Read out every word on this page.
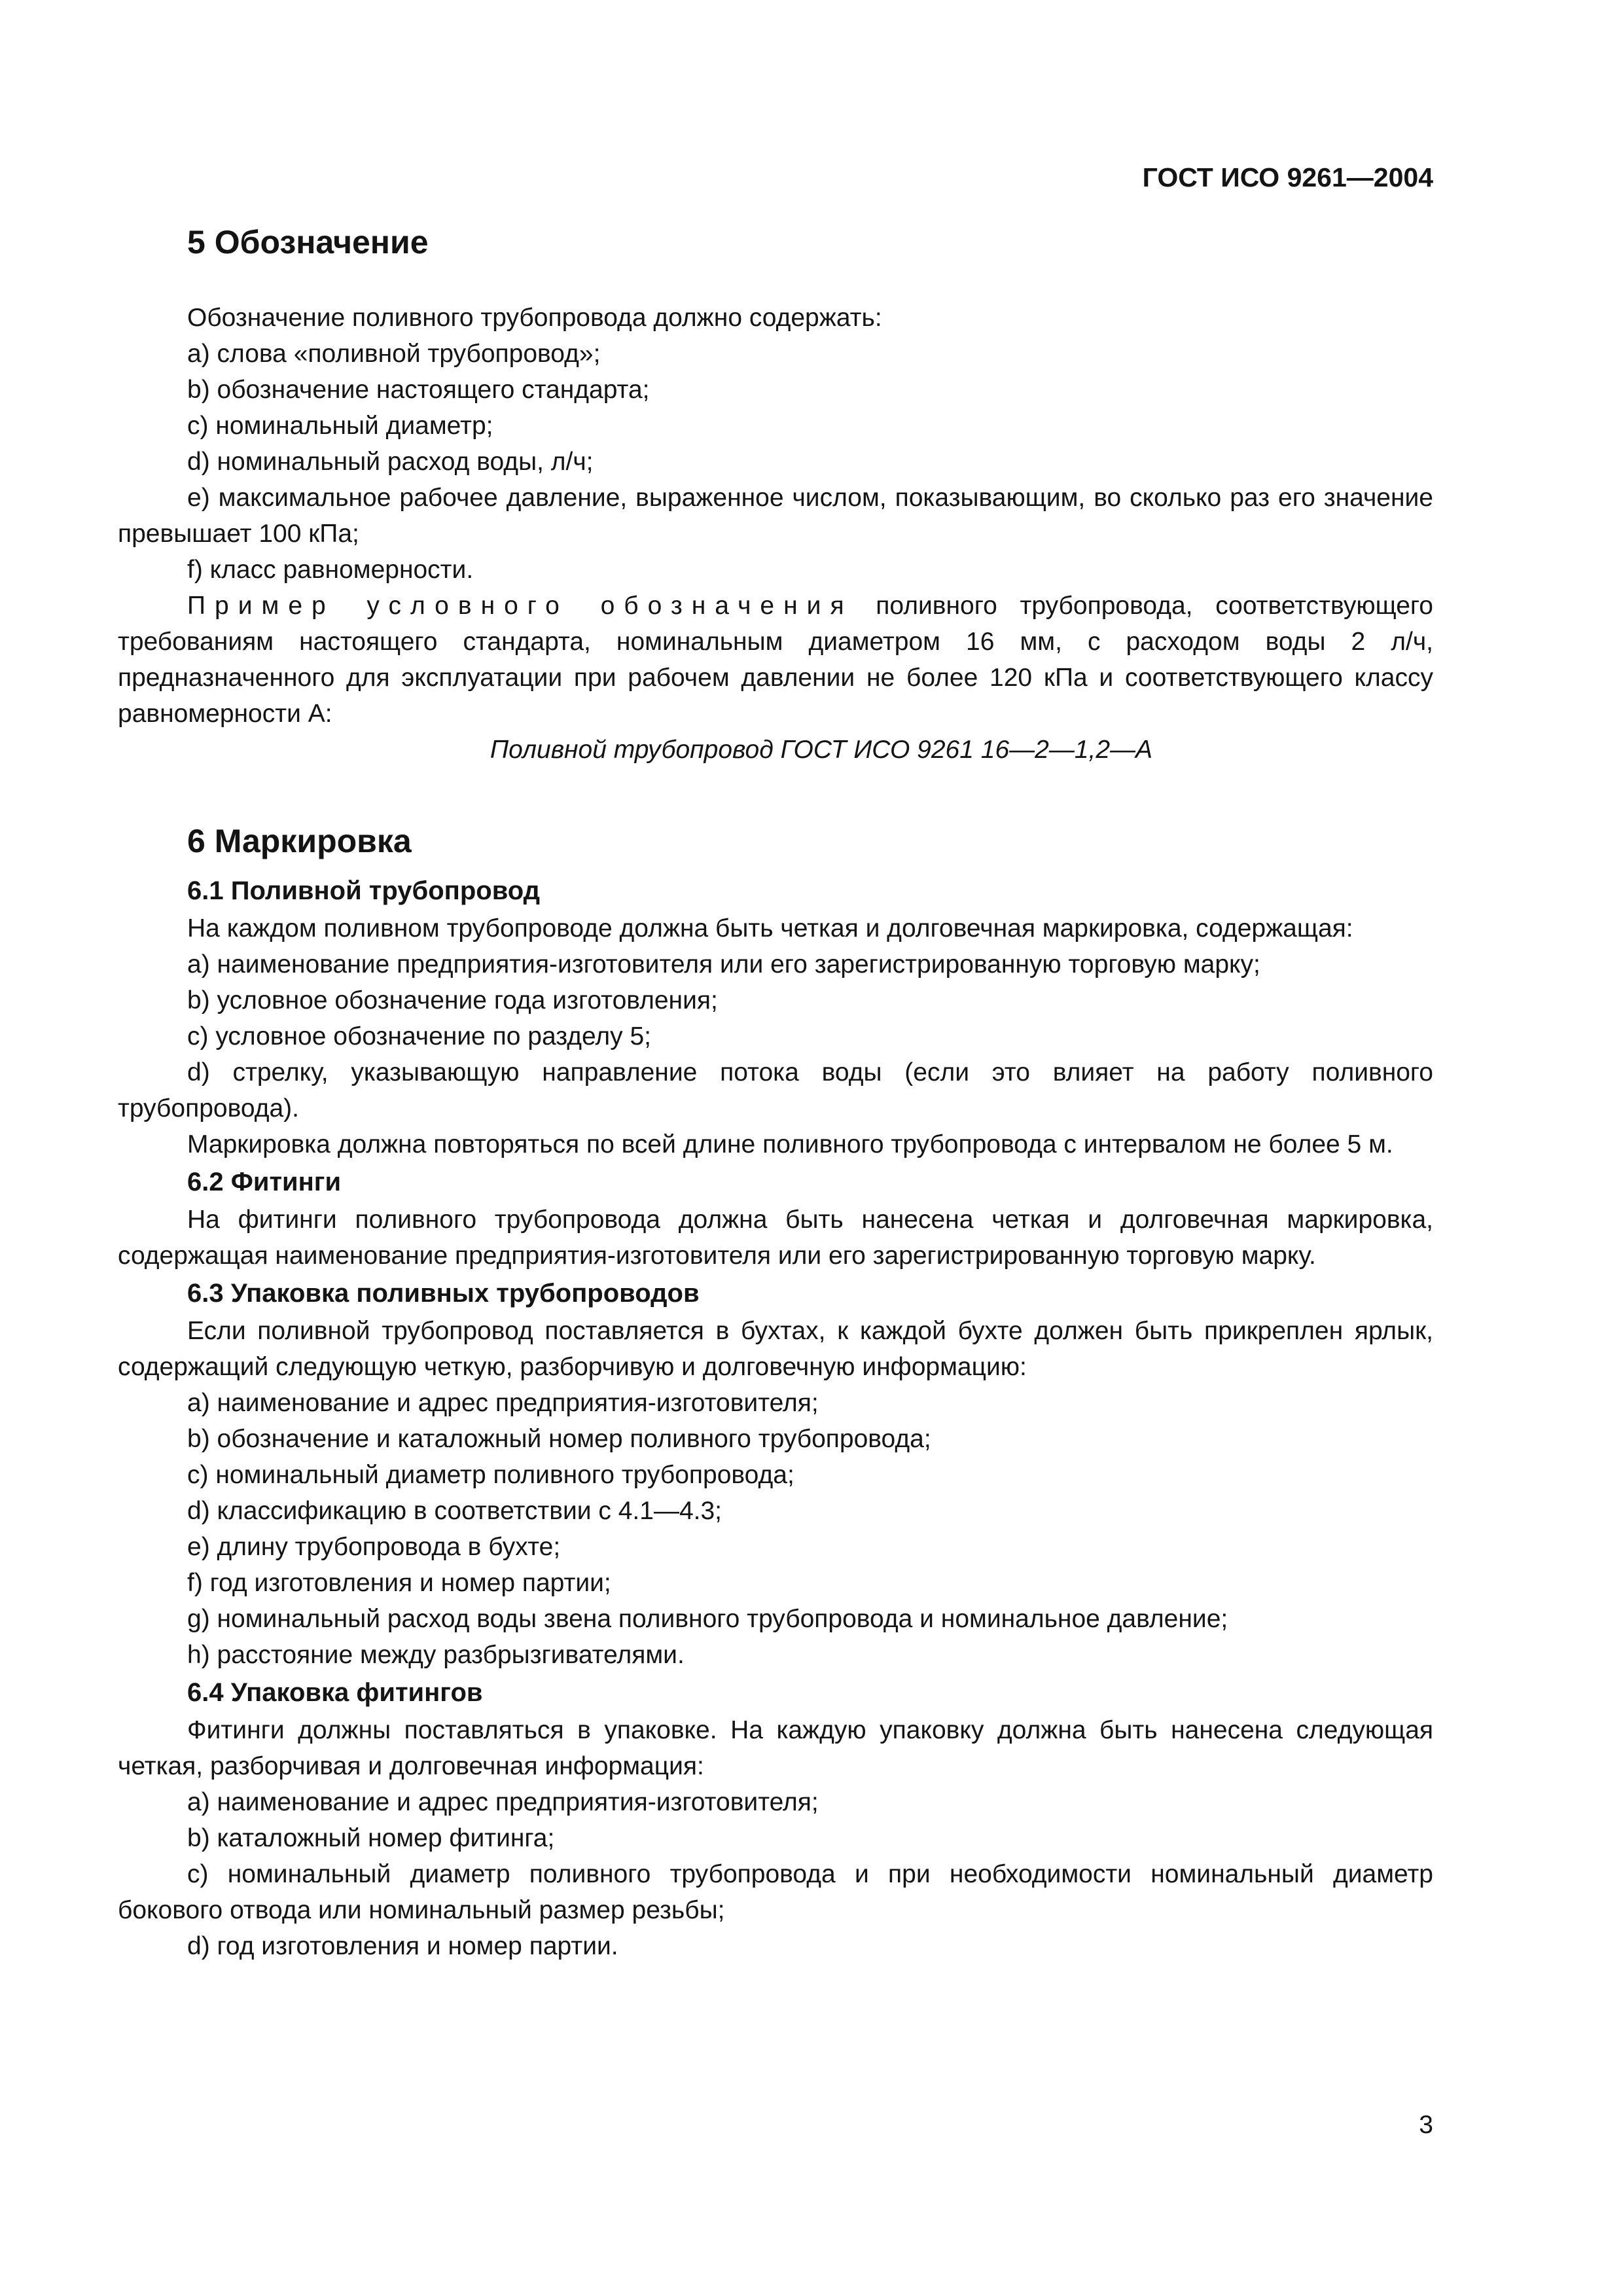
ГОСТ ИСО 9261—2004

5 Обозначение

Обозначение поливного трубопровода должно содержать:

a) слова «поливной трубопровод»;

b) обозначение настоящего стандарта;

c) номинальный диаметр;

d) номинальный расход воды, л/ч;

e) максимальное рабочее давление, выраженное числом, показывающим, во сколько раз его значение превышает 100 кПа;

f) класс равномерности.

Пример условного обозначения поливного трубопровода, соответствующего требованиям настоящего стандарта, номинальным диаметром 16 мм, с расходом воды 2 л/ч, предназначенного для эксплуатации при рабочем давлении не более 120 кПа и соответствующего классу равномерности А:

Поливной трубопровод ГОСТ ИСО 9261 16—2—1,2—А

6 Маркировка

6.1 Поливной трубопровод

На каждом поливном трубопроводе должна быть четкая и долговечная маркировка, содержащая:

a) наименование предприятия-изготовителя или его зарегистрированную торговую марку;

b) условное обозначение года изготовления;

c) условное обозначение по разделу 5;

d) стрелку, указывающую направление потока воды (если это влияет на работу поливного трубопровода).

Маркировка должна повторяться по всей длине поливного трубопровода с интервалом не более 5 м.

6.2 Фитинги

На фитинги поливного трубопровода должна быть нанесена четкая и долговечная маркировка, содержащая наименование предприятия-изготовителя или его зарегистрированную торговую марку.

6.3 Упаковка поливных трубопроводов

Если поливной трубопровод поставляется в бухтах, к каждой бухте должен быть прикреплен ярлык, содержащий следующую четкую, разборчивую и долговечную информацию:

a) наименование и адрес предприятия-изготовителя;

b) обозначение и каталожный номер поливного трубопровода;

c) номинальный диаметр поливного трубопровода;

d) классификацию в соответствии с 4.1—4.3;

e) длину трубопровода в бухте;

f) год изготовления и номер партии;

g) номинальный расход воды звена поливного трубопровода и номинальное давление;

h) расстояние между разбрызгивателями.

6.4 Упаковка фитингов

Фитинги должны поставляться в упаковке. На каждую упаковку должна быть нанесена следующая четкая, разборчивая и долговечная информация:

a) наименование и адрес предприятия-изготовителя;

b) каталожный номер фитинга;

c) номинальный диаметр поливного трубопровода и при необходимости номинальный диаметр бокового отвода или номинальный размер резьбы;

d) год изготовления и номер партии.

3
